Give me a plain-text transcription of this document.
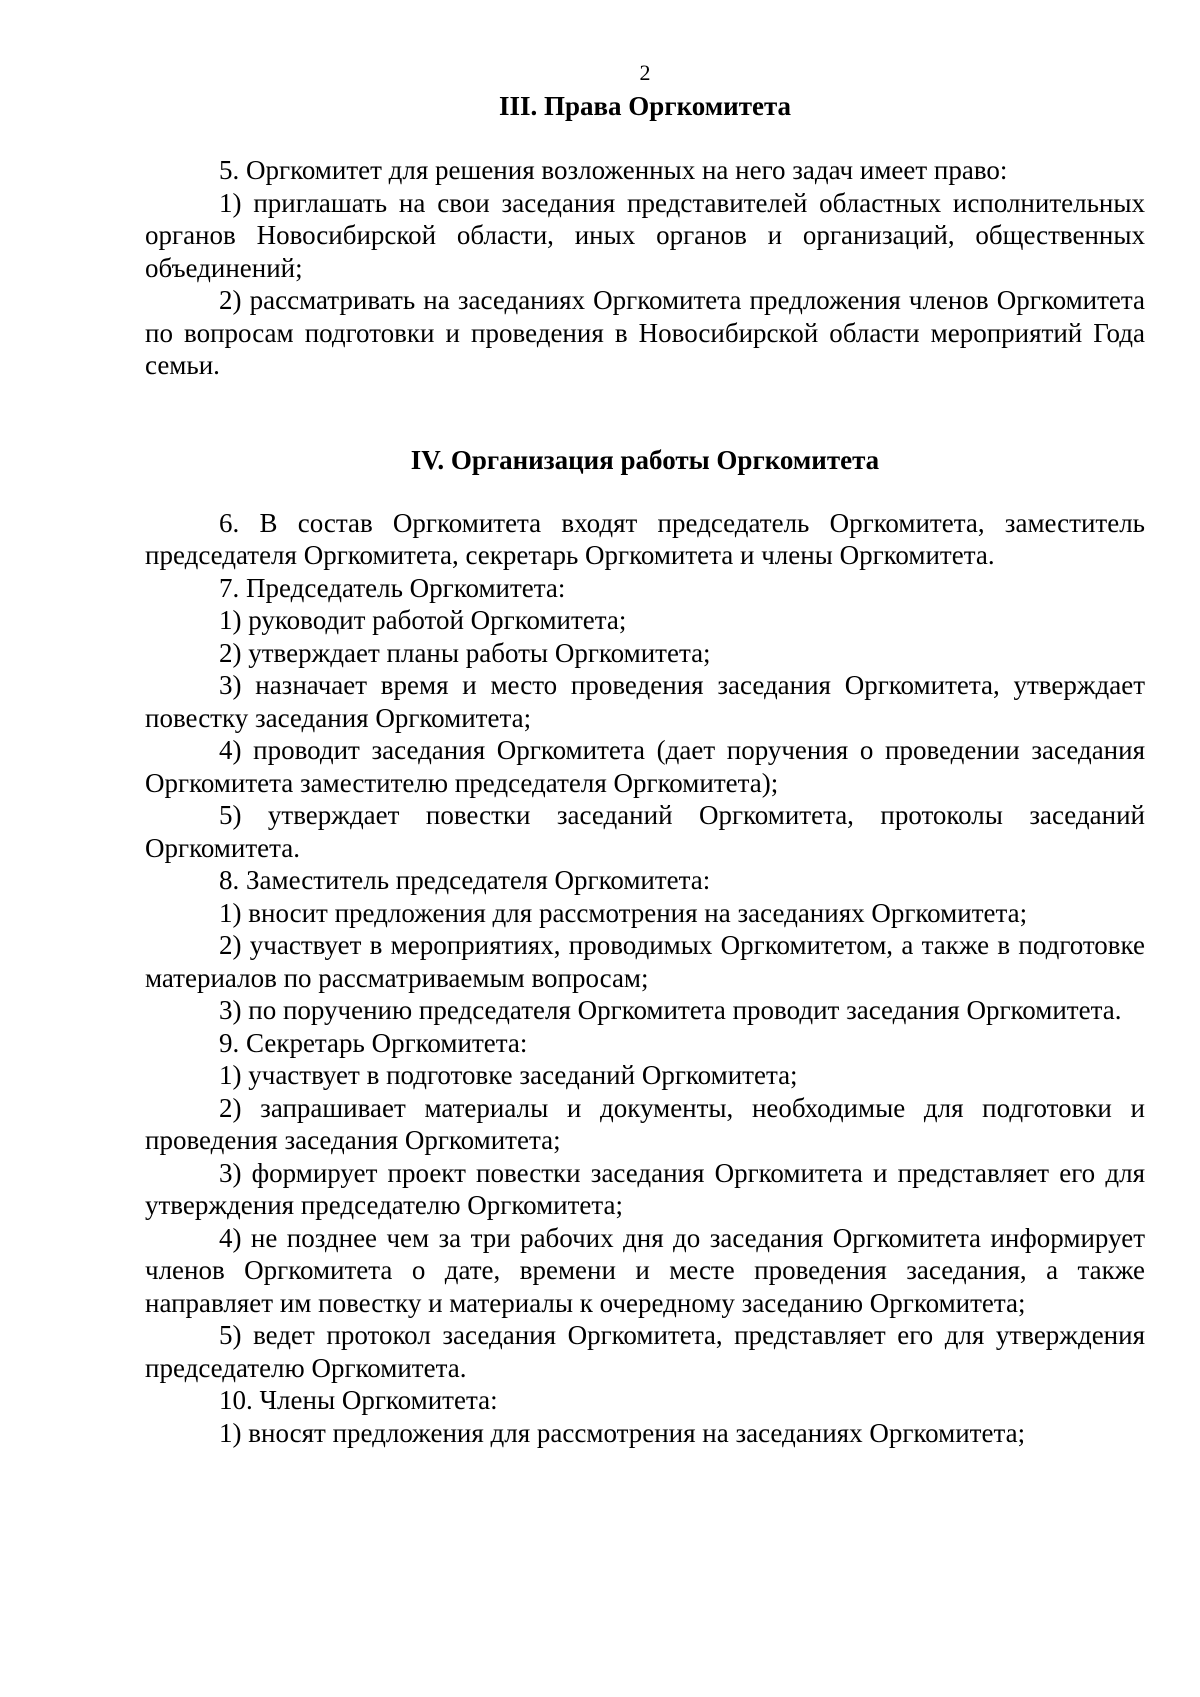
2
III. Права Оргкомитета

5. Оргкомитет для решения возложенных на него задач имеет право:

1) приглашать на свои заседания представителей областных исполнительных органов Новосибирской области, иных органов и организаций, общественных объединений;

2) рассматривать на заседаниях Оргкомитета предложения членов Оргкомитета по вопросам подготовки и проведения в Новосибирской области мероприятий Года семьи.

IV. Организация работы Оргкомитета

6. В состав Оргкомитета входят председатель Оргкомитета, заместитель председателя Оргкомитета, секретарь Оргкомитета и члены Оргкомитета.

7. Председатель Оргкомитета:

1) руководит работой Оргкомитета;

2) утверждает планы работы Оргкомитета;

3) назначает время и место проведения заседания Оргкомитета, утверждает повестку заседания Оргкомитета;

4) проводит заседания Оргкомитета (дает поручения о проведении заседания Оргкомитета заместителю председателя Оргкомитета);

5) утверждает повестки заседаний Оргкомитета, протоколы заседаний Оргкомитета.

8. Заместитель председателя Оргкомитета:

1) вносит предложения для рассмотрения на заседаниях Оргкомитета;

2) участвует в мероприятиях, проводимых Оргкомитетом, а также в подготовке материалов по рассматриваемым вопросам;

3) по поручению председателя Оргкомитета проводит заседания Оргкомитета.

9. Секретарь Оргкомитета:

1) участвует в подготовке заседаний Оргкомитета;

2) запрашивает материалы и документы, необходимые для подготовки и проведения заседания Оргкомитета;

3) формирует проект повестки заседания Оргкомитета и представляет его для утверждения председателю Оргкомитета;

4) не позднее чем за три рабочих дня до заседания Оргкомитета информирует членов Оргкомитета о дате, времени и месте проведения заседания, а также направляет им повестку и материалы к очередному заседанию Оргкомитета;

5) ведет протокол заседания Оргкомитета, представляет его для утверждения председателю Оргкомитета.

10. Члены Оргкомитета:

1) вносят предложения для рассмотрения на заседаниях Оргкомитета;
